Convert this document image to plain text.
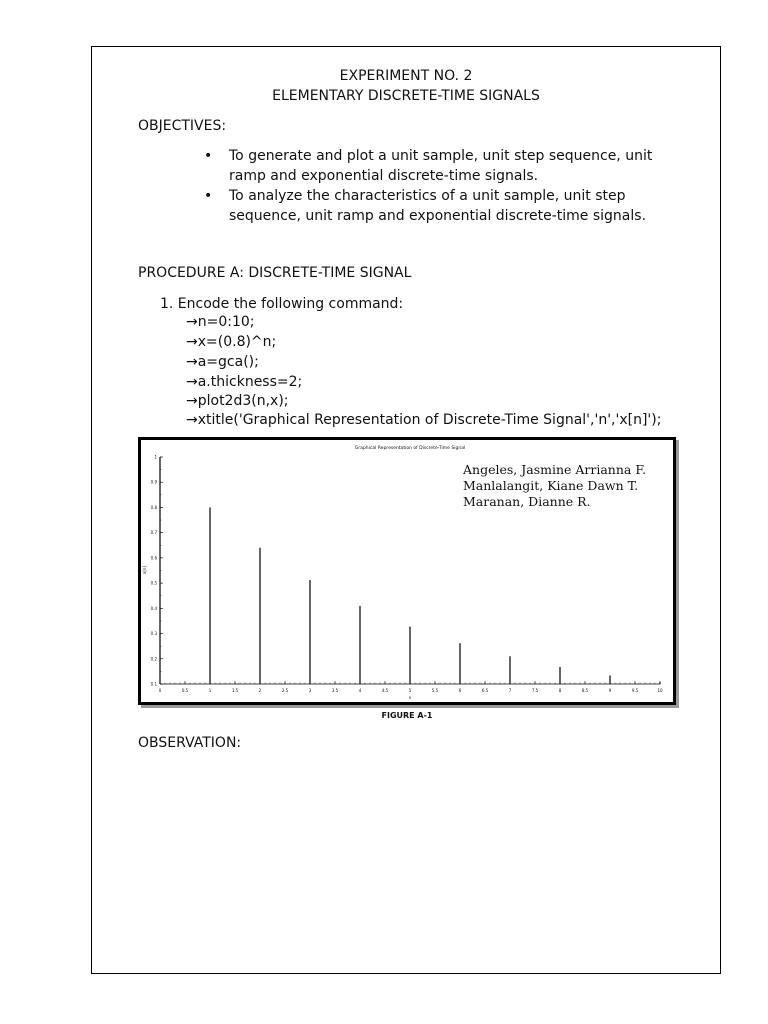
EXPERIMENT NO. 2
ELEMENTARY DISCRETE-TIME SIGNALS
OBJECTIVES:
• To generate and plot a unit sample, unit step sequence, unit
ramp and exponential discrete-time signals.
• To analyze the characteristics of a unit sample, unit step
sequence, unit ramp and exponential discrete-time signals.
PROCEDURE A: DISCRETE-TIME SIGNAL
1. Encode the following command:
→n=0:10;
→x=(0.8)^n;
→a=gca();
→a.thickness=2;
→plot2d3(n,x);
→xtitle('Graphical Representation of Discrete-Time Signal','n','x[n]');
Graphical Representation of Discrete-Time Signal
0.1
0.2
0.3
0.4
0.5
0.6
0.7
0.8
0.9
1
0	0.5	1	1.5	2	2.5	3	3.5	4	4.5	5	5.5	6	6.5	7	7.5	8	8.5	9	9.5	10
n
x[n]
Angeles, Jasmine Arrianna F.
Manlalangit, Kiane Dawn T.
Maranan, Dianne R.
FIGURE A-1
OBSERVATION:
